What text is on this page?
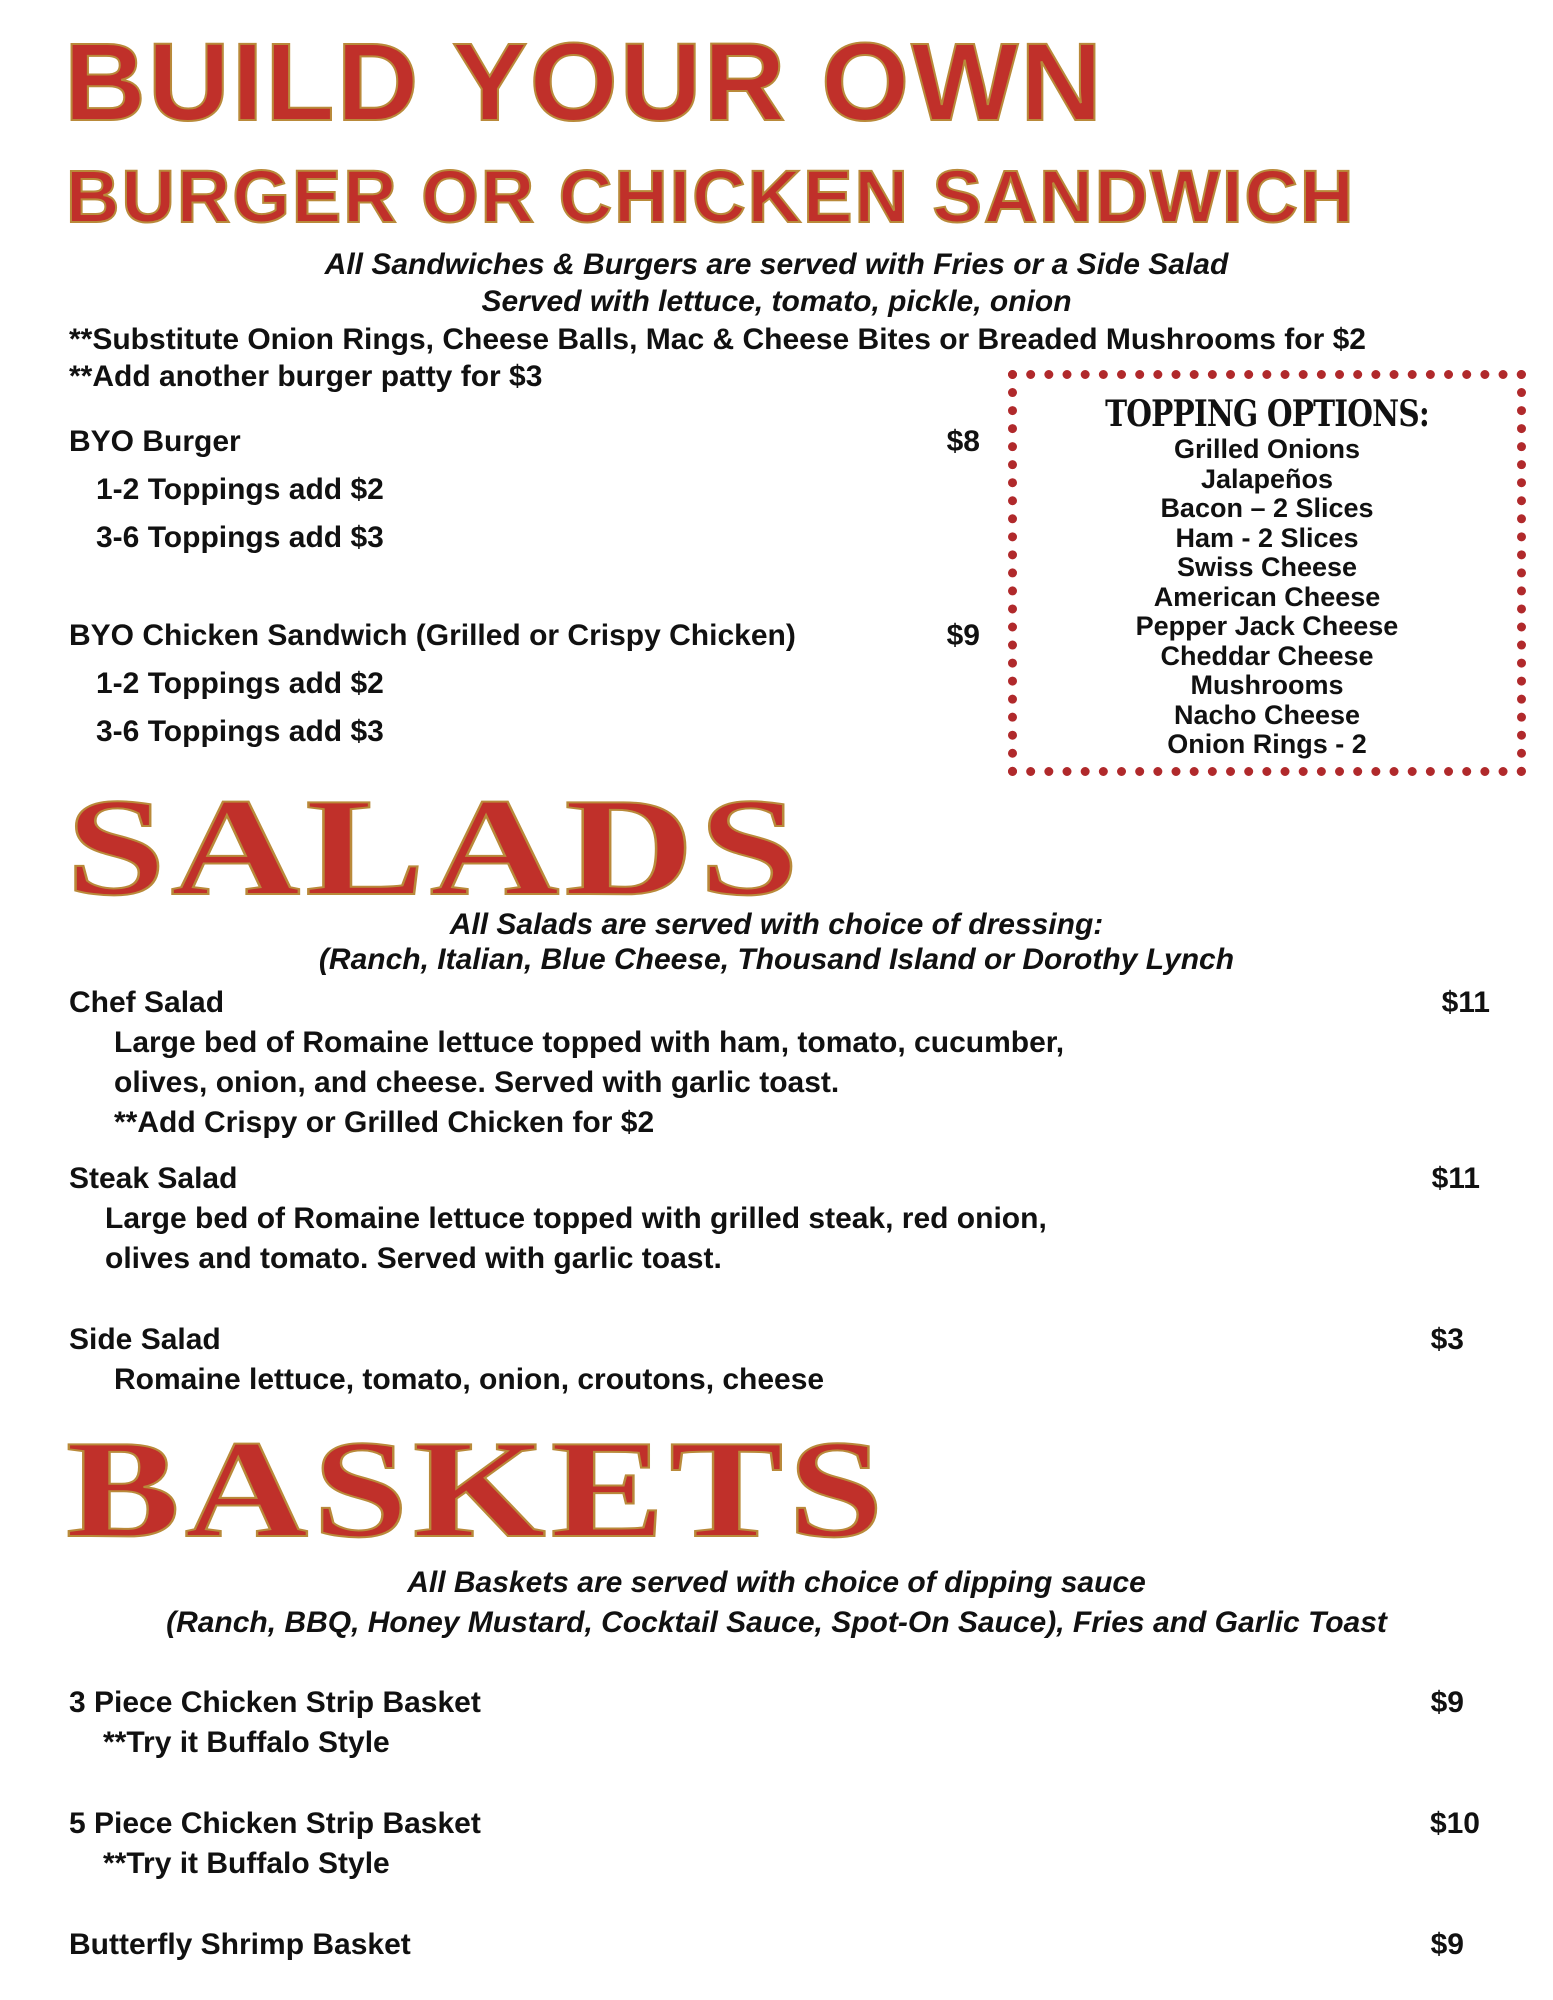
BUILD YOUR OWN
BURGER OR CHICKEN SANDWICH
All Sandwiches & Burgers are served with Fries or a Side Salad
Served with lettuce, tomato, pickle, onion
**Substitute Onion Rings, Cheese Balls, Mac & Cheese Bites or Breaded Mushrooms for $2
**Add another burger patty for $3
BYO Burger	$8
1-2 Toppings add $2
3-6 Toppings add $3
BYO Chicken Sandwich (Grilled or Crispy Chicken)	$9
1-2 Toppings add $2
3-6 Toppings add $3
TOPPING OPTIONS:
Grilled Onions
Jalapeños
Bacon – 2 Slices
Ham - 2 Slices
Swiss Cheese
American Cheese
Pepper Jack Cheese
Cheddar Cheese
Mushrooms
Nacho Cheese
Onion Rings - 2
SALADS
All Salads are served with choice of dressing:
(Ranch, Italian, Blue Cheese, Thousand Island or Dorothy Lynch
Chef Salad	$11
Large bed of Romaine lettuce topped with ham, tomato, cucumber,
olives, onion, and cheese. Served with garlic toast.
**Add Crispy or Grilled Chicken for $2
Steak Salad	$11
Large bed of Romaine lettuce topped with grilled steak, red onion,
olives and tomato. Served with garlic toast.
Side Salad	$3
Romaine lettuce, tomato, onion, croutons, cheese
BASKETS
All Baskets are served with choice of dipping sauce
(Ranch, BBQ, Honey Mustard, Cocktail Sauce, Spot-On Sauce), Fries and Garlic Toast
3 Piece Chicken Strip Basket	$9
**Try it Buffalo Style
5 Piece Chicken Strip Basket	$10
**Try it Buffalo Style
Butterfly Shrimp Basket	$9
